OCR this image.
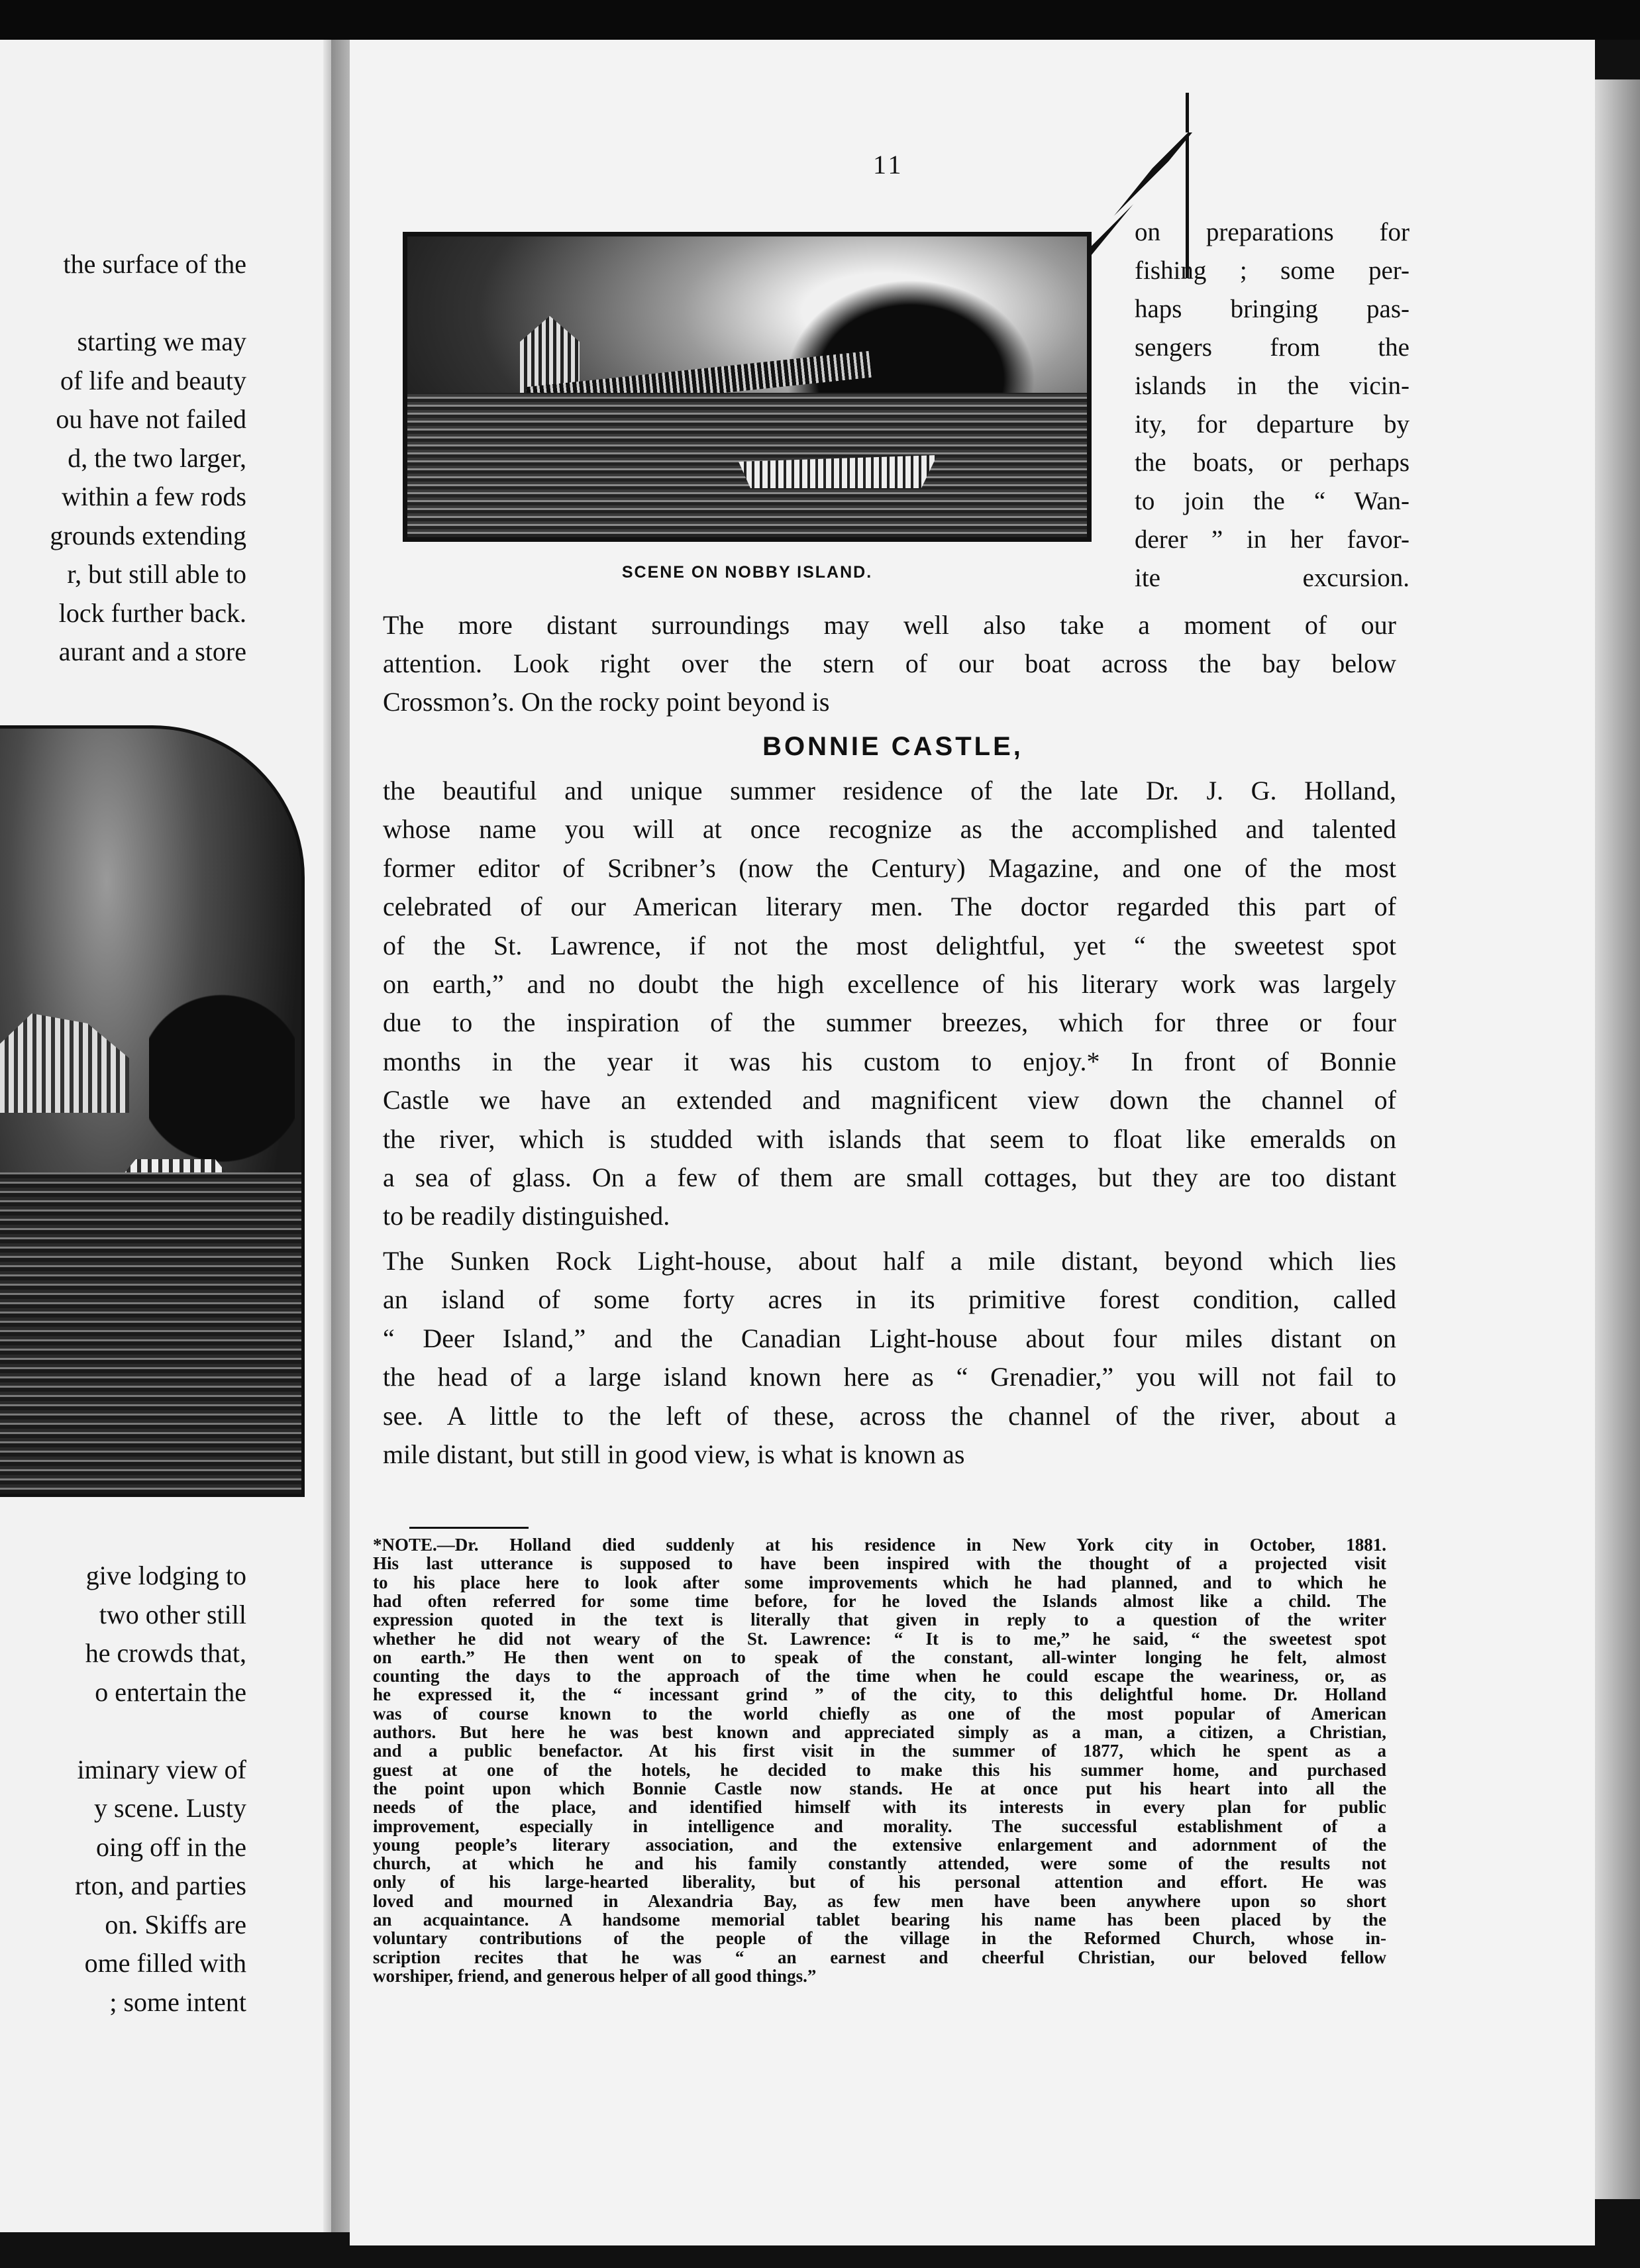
the surface of the
starting we may
of life and beauty
ou have not failed
d, the two larger,
within a few rods
grounds extending
r, but still able to
lock further back.
aurant and a store
give lodging to
two other still
he crowds that,
o entertain the
iminary view of
y scene. Lusty
oing off in the
rton, and parties
on. Skiffs are
ome filled with
; some intent
11
SCENE ON NOBBY ISLAND.
on preparations for
fishing ; some per-
haps bringing pas-
sengers from the
islands in the vicin-
ity, for departure by
the boats, or perhaps
to join the “ Wan-
derer ” in her favor-
ite excursion.
The more distant surroundings may well also take a moment of our
attention. Look right over the stern of our boat across the bay below
Crossmon’s. On the rocky point beyond is
BONNIE CASTLE,
the beautiful and unique summer residence of the late Dr. J. G. Holland,
whose name you will at once recognize as the accomplished and talented
former editor of Scribner’s (now the Century) Magazine, and one of the most
celebrated of our American literary men. The doctor regarded this part of
of the St. Lawrence, if not the most delightful, yet “ the sweetest spot
on earth,” and no doubt the high excellence of his literary work was largely
due to the inspiration of the summer breezes, which for three or four
months in the year it was his custom to enjoy.* In front of Bonnie
Castle we have an extended and magnificent view down the channel of
the river, which is studded with islands that seem to float like emeralds on
a sea of glass. On a few of them are small cottages, but they are too distant
to be readily distinguished.
The Sunken Rock Light-house, about half a mile distant, beyond which lies
an island of some forty acres in its primitive forest condition, called
“ Deer Island,” and the Canadian Light-house about four miles distant on
the head of a large island known here as “ Grenadier,” you will not fail to
see. A little to the left of these, across the channel of the river, about a
mile distant, but still in good view, is what is known as
*NOTE.—Dr. Holland died suddenly at his residence in New York city in October, 1881.
His last utterance is supposed to have been inspired with the thought of a projected visit
to his place here to look after some improvements which he had planned, and to which he
had often referred for some time before, for he loved the Islands almost like a child. The
expression quoted in the text is literally that given in reply to a question of the writer
whether he did not weary of the St. Lawrence: “ It is to me,” he said, “ the sweetest spot
on earth.” He then went on to speak of the constant, all-winter longing he felt, almost
counting the days to the approach of the time when he could escape the weariness, or, as
he expressed it, the “ incessant grind ” of the city, to this delightful home. Dr. Holland
was of course known to the world chiefly as one of the most popular of American
authors. But here he was best known and appreciated simply as a man, a citizen, a Christian,
and a public benefactor. At his first visit in the summer of 1877, which he spent as a
guest at one of the hotels, he decided to make this his summer home, and purchased
the point upon which Bonnie Castle now stands. He at once put his heart into all the
needs of the place, and identified himself with its interests in every plan for public
improvement, especially in intelligence and morality. The successful establishment of a
young people’s literary association, and the extensive enlargement and adornment of the
church, at which he and his family constantly attended, were some of the results not
only of his large-hearted liberality, but of his personal attention and effort. He was
loved and mourned in Alexandria Bay, as few men have been anywhere upon so short
an acquaintance. A handsome memorial tablet bearing his name has been placed by the
voluntary contributions of the people of the village in the Reformed Church, whose in-
scription recites that he was “ an earnest and cheerful Christian, our beloved fellow
worshiper, friend, and generous helper of all good things.”
